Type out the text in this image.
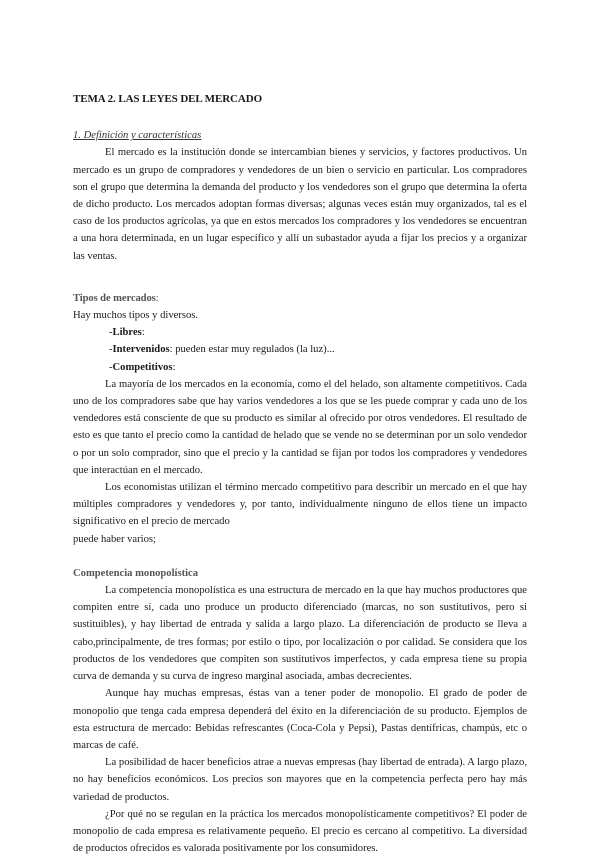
TEMA 2. LAS LEYES DEL MERCADO

1. Definición y características

El mercado es la institución donde se intercambian bienes y servicios, y factores productivos. Un mercado es un grupo de compradores y vendedores de un bien o servicio en particular. Los compradores son el grupo que determina la demanda del producto y los vendedores son el grupo que determina la oferta de dicho producto. Los mercados adoptan formas diversas; algunas veces están muy organizados, tal es el caso de los productos agrícolas, ya que en estos mercados los compradores y los vendedores se encuentran a una hora determinada, en un lugar específico y allí un subastador ayuda a fijar los precios y a organizar las ventas.

Tipos de mercados:

Hay muchos tipos y diversos.

-Libres:

-Intervenidos: pueden estar muy regulados (la luz)...

-Competitivos:

La mayoría de los mercados en la economía, como el del helado, son altamente competitivos. Cada uno de los compradores sabe que hay varios vendedores a los que se les puede comprar y cada uno de los vendedores está consciente de que su producto es similar al ofrecido por otros vendedores. El resultado de esto es que tanto el precio como la cantidad de helado que se vende no se determinan por un solo vendedor o por un solo comprador, sino que el precio y la cantidad se fijan por todos los compradores y vendedores que interactúan en el mercado.

Los economistas utilizan el término mercado competitivo para describir un mercado en el que hay múltiples compradores y vendedores y, por tanto, individualmente ninguno de ellos tiene un impacto significativo en el precio de mercado

puede haber varios;

Competencia monopolística

La competencia monopolística es una estructura de mercado en la que hay muchos productores que compiten entre sí, cada uno produce un producto diferenciado (marcas, no son sustitutivos, pero si sustituibles), y hay libertad de entrada y salida a largo plazo. La diferenciación de producto se lleva a cabo,principalmente, de tres formas; por estilo o tipo, por localización o por calidad. Se considera que los productos de los vendedores que compiten son sustitutivos imperfectos, y cada empresa tiene su propia curva de demanda y su curva de ingreso marginal asociada, ambas decrecientes.

Aunque hay muchas empresas, éstas van a tener poder de monopolio. El grado de poder de monopolio que tenga cada empresa dependerá del éxito en la diferenciación de su producto. Ejemplos de esta estructura de mercado: Bebidas refrescantes (Coca-Cola y Pepsi), Pastas dentífricas, champús, etc o marcas de café.

La posibilidad de hacer beneficios atrae a nuevas empresas (hay libertad de entrada). A largo plazo, no hay beneficios económicos. Los precios son mayores que en la competencia perfecta pero hay más variedad de productos.

¿Por qué no se regulan en la práctica los mercados monopolísticamente competitivos? El poder de monopolio de cada empresa es relativamente pequeño. El precio es cercano al competitivo. La diversidad de productos ofrecidos es valorada positivamente por los consumidores.
